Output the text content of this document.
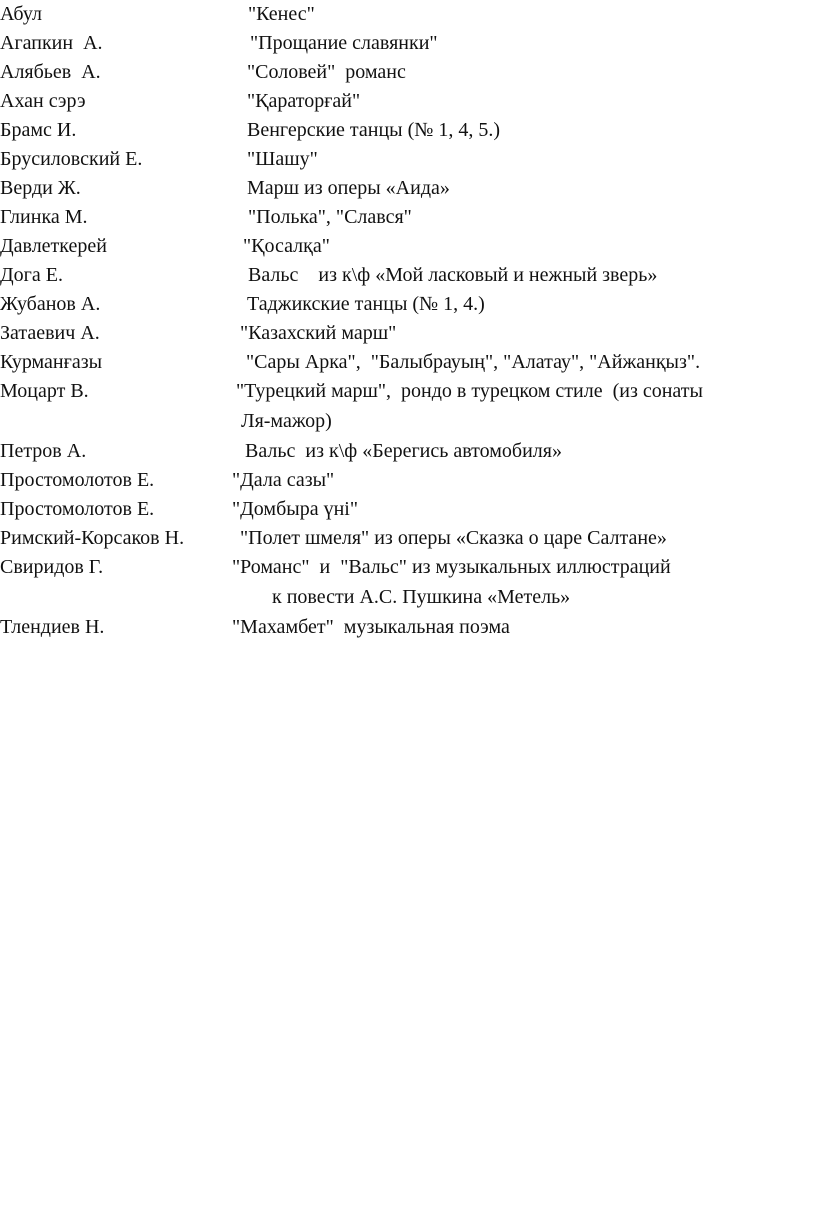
Абул

	"Кенес"

Агапкин  А.

	"Прощание славянки"

Алябьев  А.

	"Соловей"  романс

Ахан сэрэ

	"Қараторғай"

Брамс И.

	Венгерские танцы (№ 1, 4, 5.)

Брусиловский Е.

	"Шашу"

Верди Ж.

	Марш из оперы «Аида»

Глинка М.

	"Полька", "Слався"

Давлеткерей

	"Қосалқа"

Дога Е.

	Вальс    из к\ф «Мой ласковый и нежный зверь»

Жубанов А.

	Таджикские танцы (№ 1, 4.)

Затаевич А.

	"Казахский марш"

Курманғазы

	"Сары Арка",  "Балыбрауың", "Алатау", "Айжанқыз".

Моцарт В.

	"Турецкий марш",  рондо в турецком стиле  (из сонаты

Ля-мажор)

Петров А.

	Вальс  из к\ф «Берегись автомобиля»

Простомолотов Е.

	"Дала сазы"

Простомолотов Е.

	"Домбыра үні"

Римский-Корсаков Н.

	"Полет шмеля" из оперы «Сказка о царе Салтане»

Свиридов Г.

	"Романс"  и  "Вальс" из музыкальных иллюстраций

к повести А.С. Пушкина «Метель»

Тлендиев Н.

	"Махамбет"  музыкальная поэма
